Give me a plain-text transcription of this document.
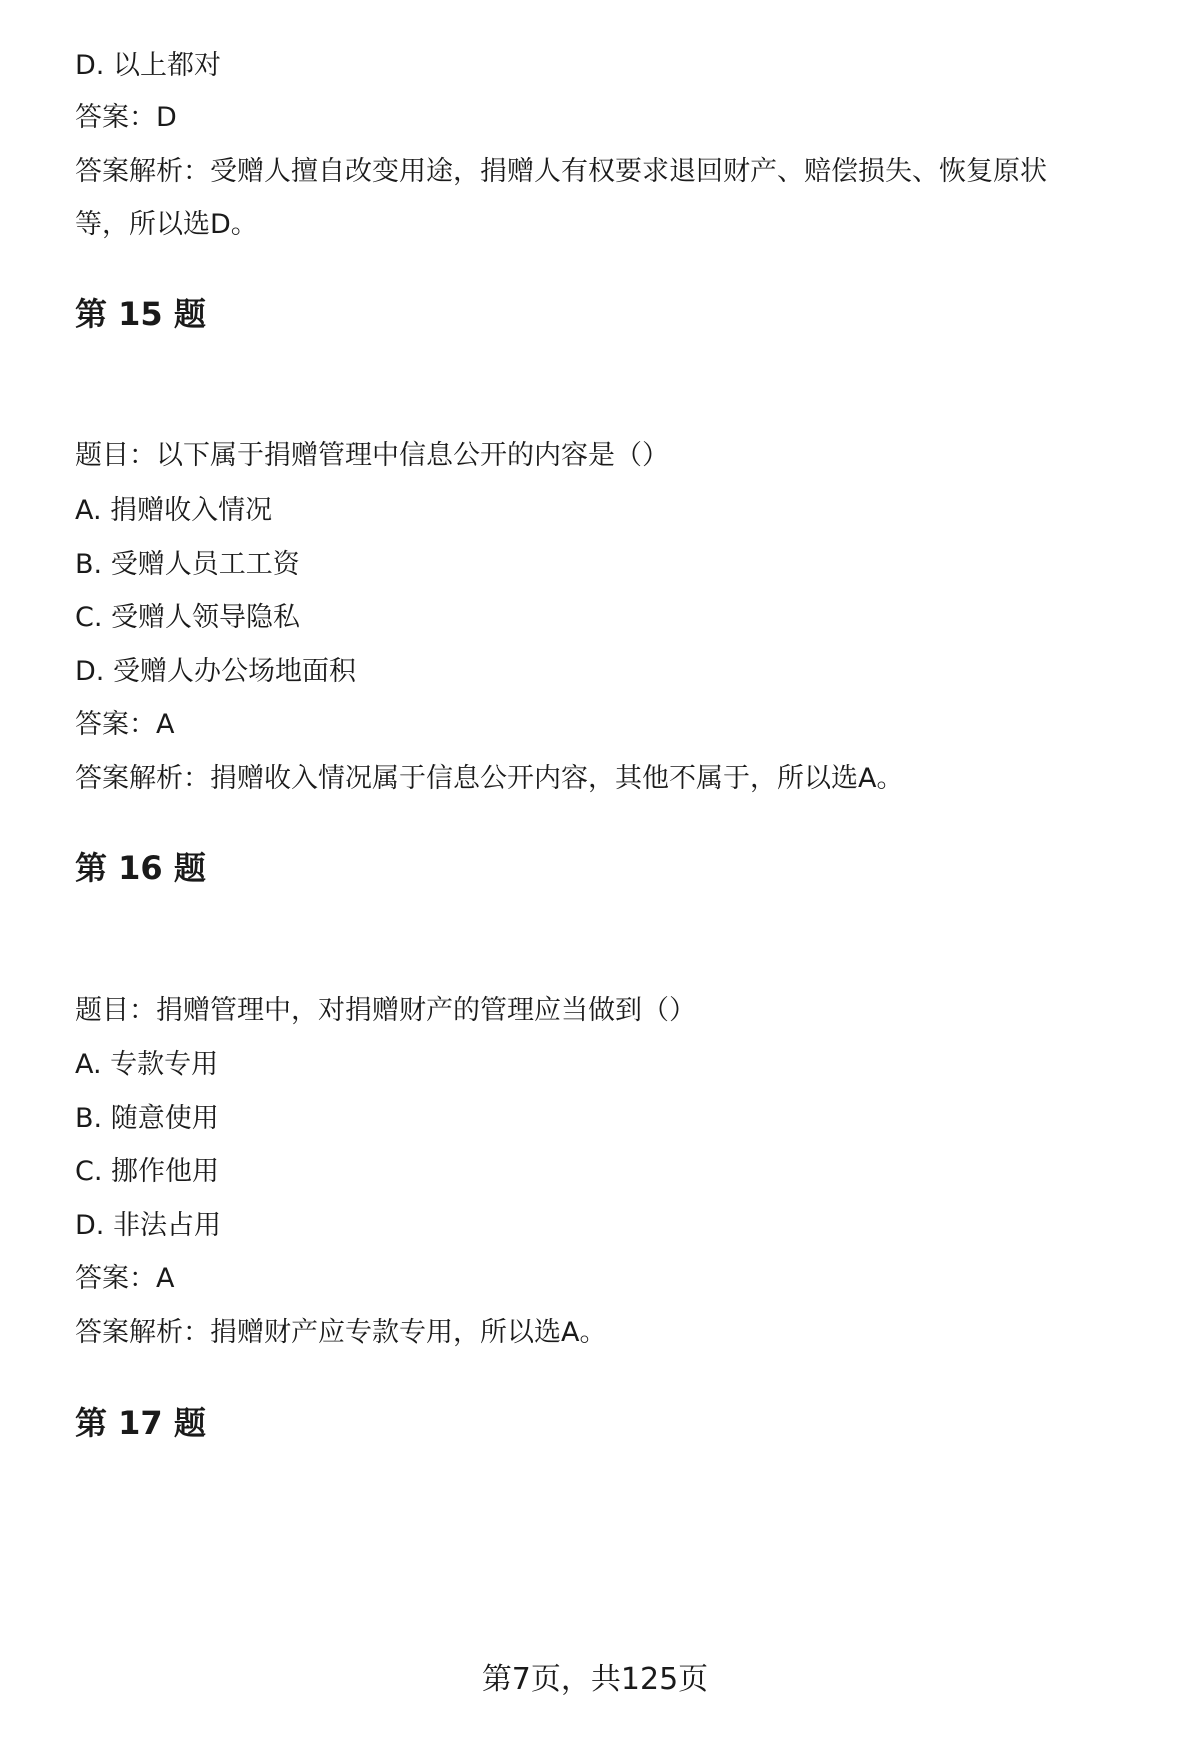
D. 以上都对
答案：D
答案解析：受赠人擅自改变用途，捐赠人有权要求退回财产、赔偿损失、恢复原状
等，所以选D。
第 15 题
题目：以下属于捐赠管理中信息公开的内容是（）
A. 捐赠收入情况
B. 受赠人员工工资
C. 受赠人领导隐私
D. 受赠人办公场地面积
答案：A
答案解析：捐赠收入情况属于信息公开内容，其他不属于，所以选A。
第 16 题
题目：捐赠管理中，对捐赠财产的管理应当做到（）
A. 专款专用
B. 随意使用
C. 挪作他用
D. 非法占用
答案：A
答案解析：捐赠财产应专款专用，所以选A。
第 17 题
第7页，共125页
